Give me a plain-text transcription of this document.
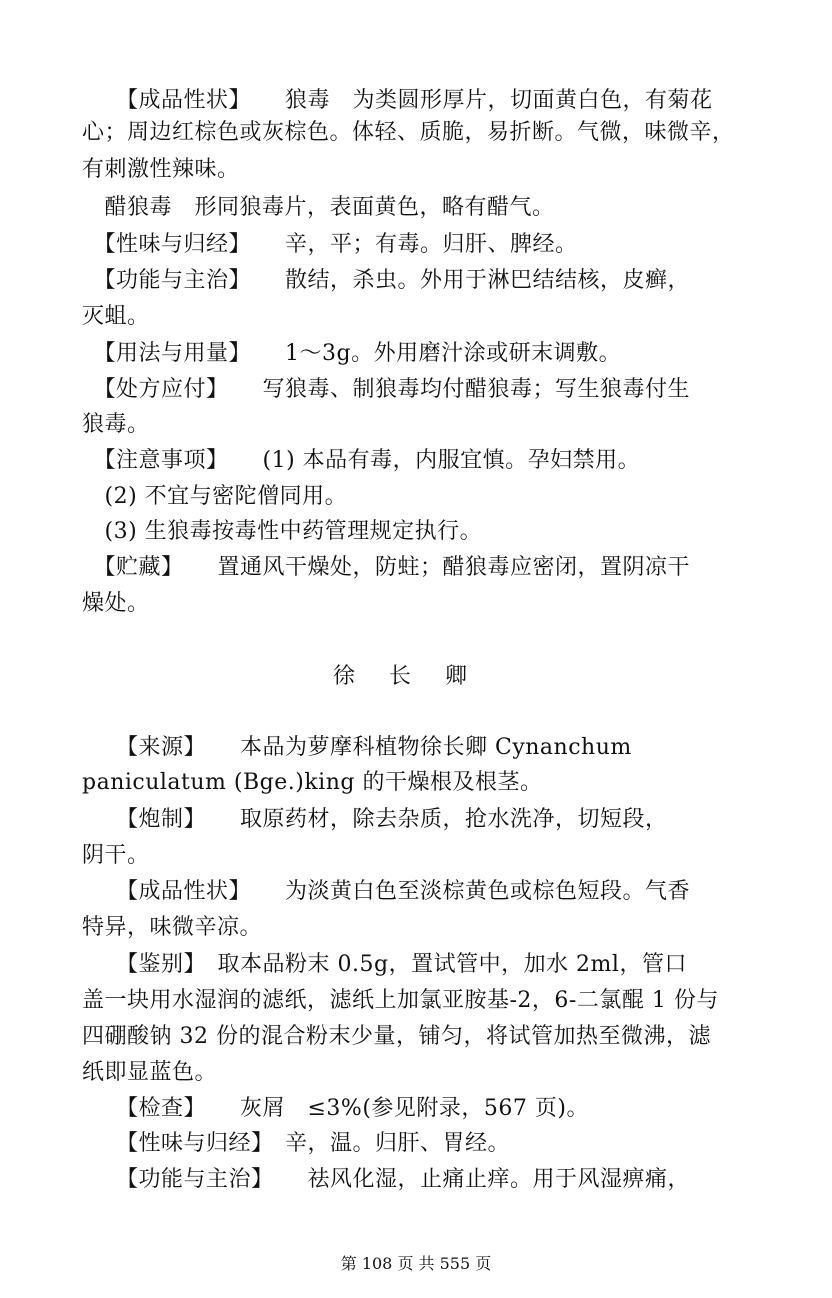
　　【成品性状】　　狼毒　为类圆形厚片，切面黄白色，有菊花
心；周边红棕色或灰棕色。体轻、质脆，易折断。气微，味微辛，
有刺激性辣味。
　醋狼毒　形同狼毒片，表面黄色，略有醋气。
　【性味与归经】　　辛，平；有毒。归肝、脾经。
　【功能与主治】　　散结，杀虫。外用于淋巴结结核，皮癣，
灭蛆。
　【用法与用量】　　1～3g。外用磨汁涂或研末调敷。
　【处方应付】　　写狼毒、制狼毒均付醋狼毒；写生狼毒付生
狼毒。
　【注意事项】　　(1) 本品有毒，内服宜慎。孕妇禁用。
　(2) 不宜与密陀僧同用。
　(3) 生狼毒按毒性中药管理规定执行。
　【贮藏】　　置通风干燥处，防蛀；醋狼毒应密闭，置阴凉干
燥处。
徐长卿
　　【来源】　　本品为萝摩科植物徐长卿 Cynanchum
paniculatum (Bge.)king 的干燥根及根茎。
　　【炮制】　　取原药材，除去杂质，抢水洗净，切短段，
阴干。
　　【成品性状】　　为淡黄白色至淡棕黄色或棕色短段。气香
特异，味微辛凉。
　　【鉴别】　取本品粉末 0.5g，置试管中，加水 2ml，管口
盖一块用水湿润的滤纸，滤纸上加氯亚胺基-2，6-二氯醌 1 份与
四硼酸钠 32 份的混合粉末少量，铺匀，将试管加热至微沸，滤
纸即显蓝色。
　　【检查】　　灰屑　≤3%(参见附录，567 页)。
　　【性味与归经】　辛，温。归肝、胃经。
　　【功能与主治】　　祛风化湿，止痛止痒。用于风湿痹痛，
第 108 页 共 555 页
